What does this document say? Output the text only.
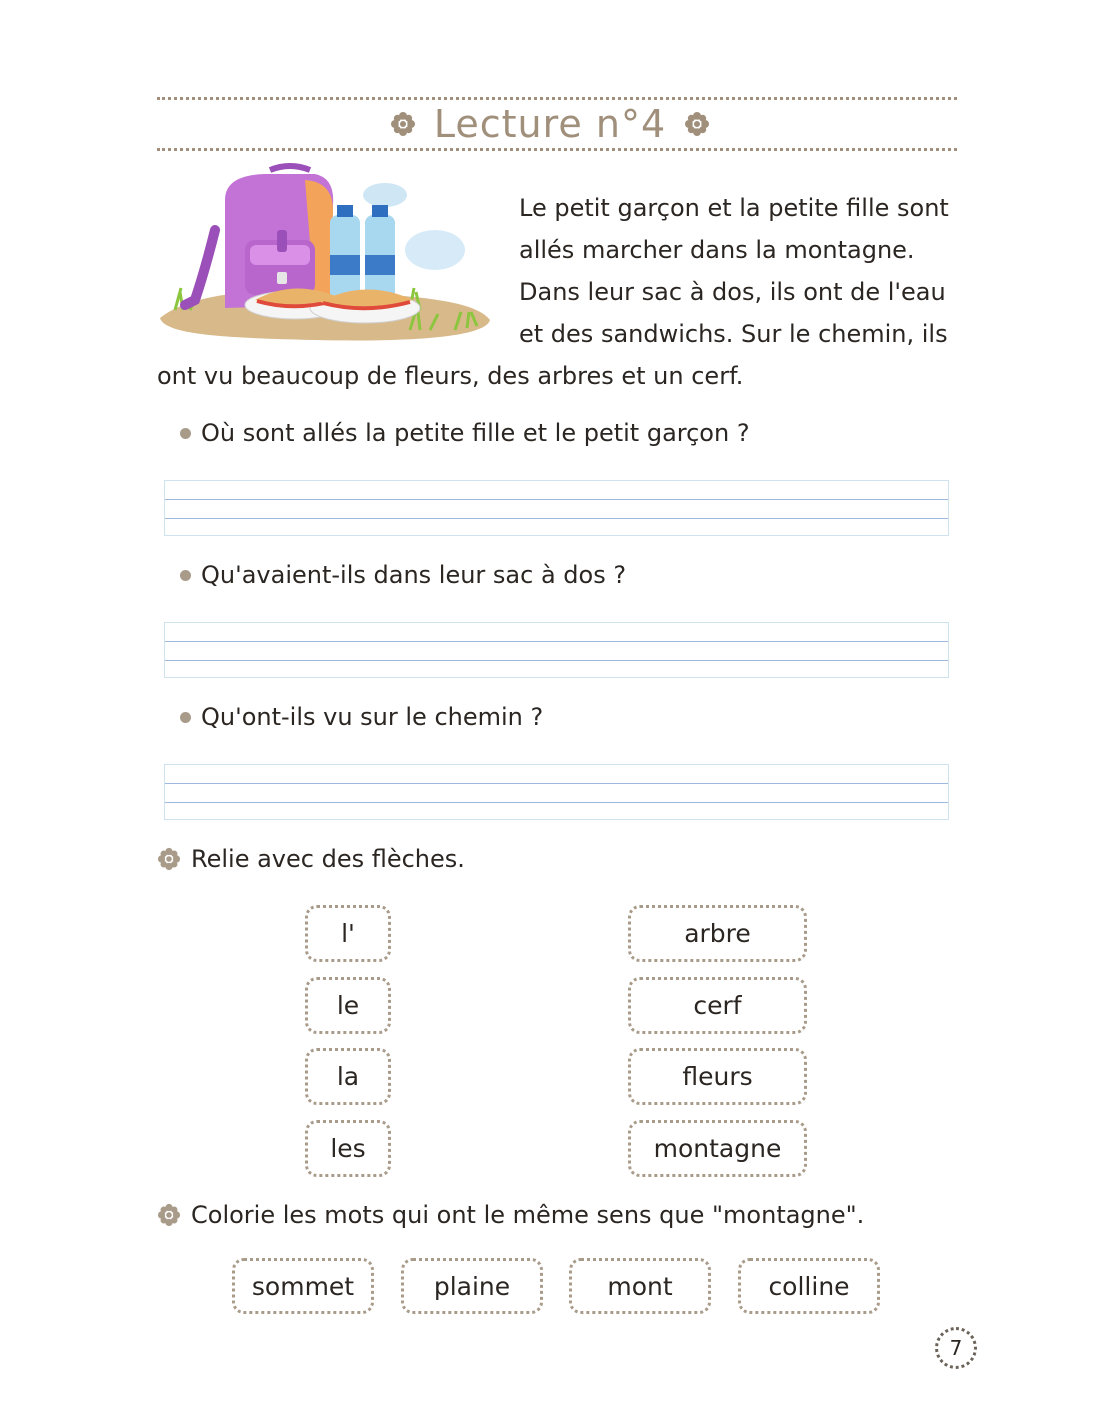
Lecture n°4
Le petit garçon et la petite fille sont
allés marcher dans la montagne.
Dans leur sac à dos, ils ont de l'eau
et des sandwichs. Sur le chemin, ils
ont vu beaucoup de fleurs, des arbres et un cerf.
Où sont allés la petite fille et le petit garçon ?
Qu'avaient-ils dans leur sac à dos ?
Qu'ont-ils vu sur le chemin ?
Relie avec des flèches.
l'
le
la
les
arbre
cerf
fleurs
montagne
Colorie les mots qui ont le même sens que "montagne".
sommet	plaine	mont	colline
7
